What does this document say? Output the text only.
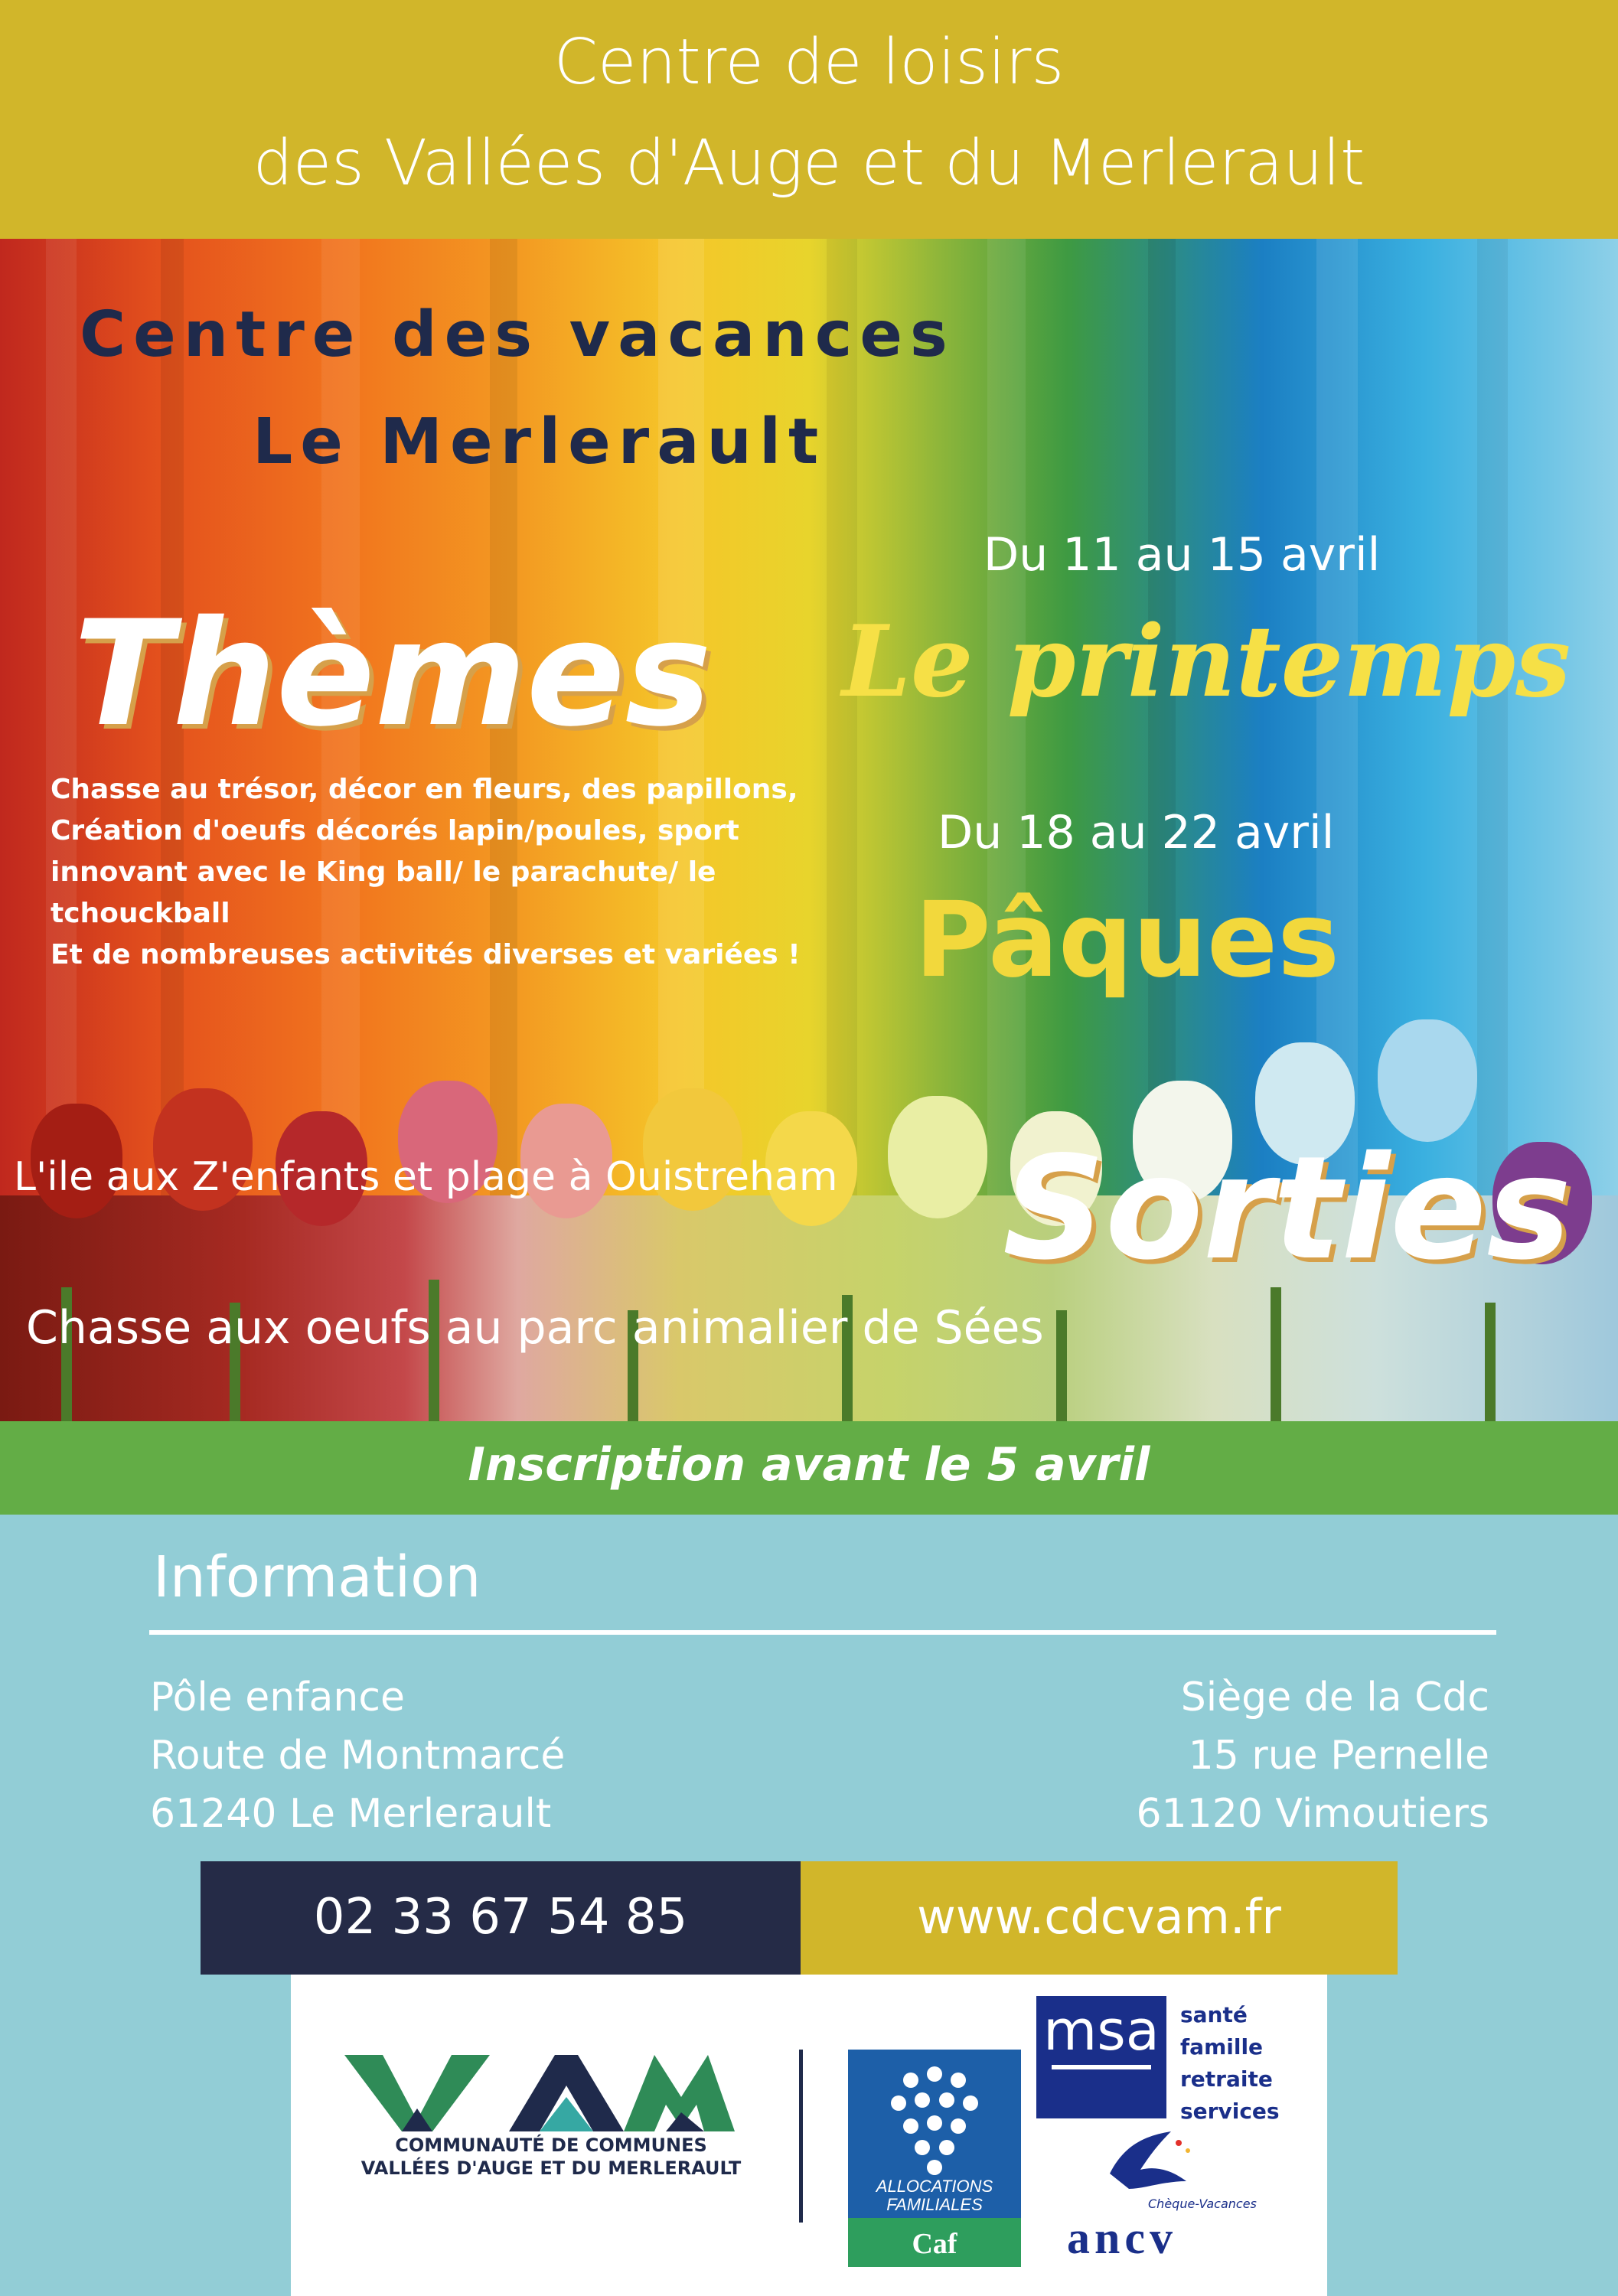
Centre de loisirs
des Vallées d'Auge et du Merlerault
Centre des vacances
Le Merlerault
Du 11 au 15 avril
Thèmes Le printemps
Chasse au trésor, décor en fleurs, des papillons,
Création d'oeufs décorés lapin/poules, sport
innovant avec le King ball/ le parachute/ le
tchouckball
Et de nombreuses activités diverses et variées !
Du 18 au 22 avril
Pâques
L'ile aux Z'enfants et plage à Ouistreham Sorties
Chasse aux oeufs au parc animalier de Sées
Inscription avant le 5 avril
Information
Pôle enfance
Route de Montmarcé
61240 Le Merlerault
Siège de la Cdc
15 rue Pernelle
61120 Vimoutiers
02 33 67 54 85	www.cdcvam.fr
COMMUNAUTÉ DE COMMUNES
VALLÉES D'AUGE ET DU MERLERAULT
ALLOCATIONS
FAMILIALES
Caf
msa santé
famille
retraite
services
Chèque-Vacances
ancv
